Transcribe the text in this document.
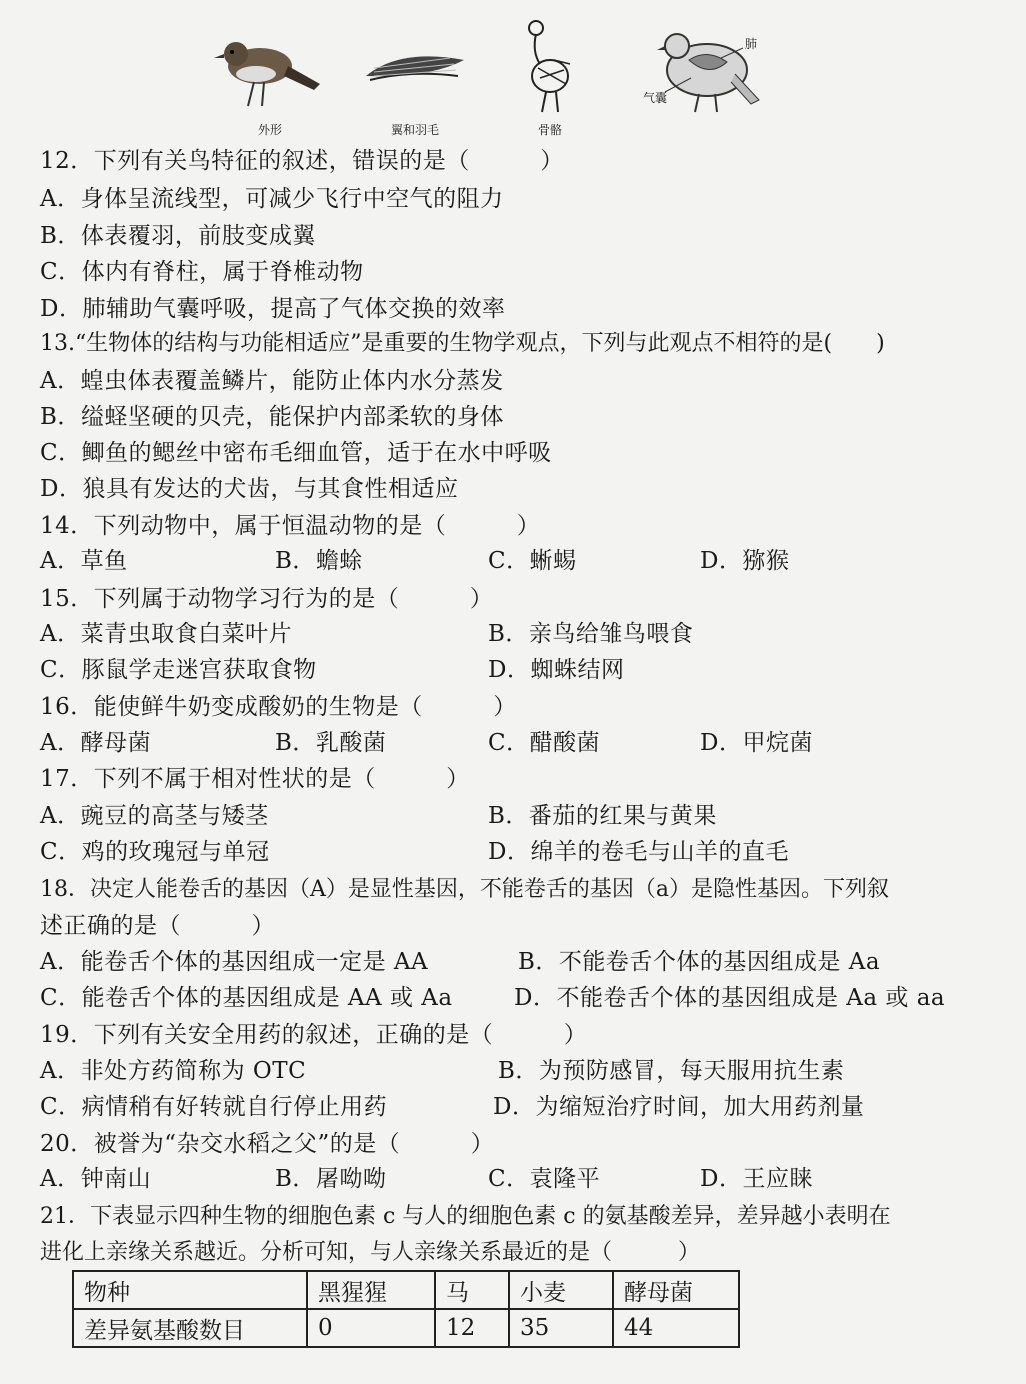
外形	翼和羽毛	骨骼
肺
气囊
12．下列有关鸟特征的叙述，错误的是（　　　）
A．身体呈流线型，可减少飞行中空气的阻力
B．体表覆羽，前肢变成翼
C．体内有脊柱，属于脊椎动物
D．肺辅助气囊呼吸，提高了气体交换的效率
13.“生物体的结构与功能相适应”是重要的生物学观点，下列与此观点不相符的是(　　)
A．蝗虫体表覆盖鳞片，能防止体内水分蒸发
B．缢蛏坚硬的贝壳，能保护内部柔软的身体
C．鲫鱼的鳃丝中密布毛细血管，适于在水中呼吸
D．狼具有发达的犬齿，与其食性相适应
14．下列动物中，属于恒温动物的是（　　　）
A．草鱼	B．蟾蜍	C．蜥蜴	D．猕猴
15．下列属于动物学习行为的是（　　　）
A．菜青虫取食白菜叶片	B．亲鸟给雏鸟喂食
C．豚鼠学走迷宫获取食物	D．蜘蛛结网
16．能使鲜牛奶变成酸奶的生物是（　　　）
A．酵母菌	B．乳酸菌	C．醋酸菌	D．甲烷菌
17．下列不属于相对性状的是（　　　）
A．豌豆的高茎与矮茎	B．番茄的红果与黄果
C．鸡的玫瑰冠与单冠	D．绵羊的卷毛与山羊的直毛
18．决定人能卷舌的基因（A）是显性基因，不能卷舌的基因（a）是隐性基因。下列叙
述正确的是（　　　）
A．能卷舌个体的基因组成一定是 AA	B．不能卷舌个体的基因组成是 Aa
C．能卷舌个体的基因组成是 AA 或 Aa	D．不能卷舌个体的基因组成是 Aa 或 aa
19．下列有关安全用药的叙述，正确的是（　　　）
A．非处方药简称为 OTC	B．为预防感冒，每天服用抗生素
C．病情稍有好转就自行停止用药	D．为缩短治疗时间，加大用药剂量
20．被誉为“杂交水稻之父”的是（　　　）
A．钟南山	B．屠呦呦	C．袁隆平	D．王应睐
21．下表显示四种生物的细胞色素 c 与人的细胞色素 c 的氨基酸差异，差异越小表明在
进化上亲缘关系越近。分析可知，与人亲缘关系最近的是（　　　）
物种	黑猩猩	马	小麦	酵母菌
差异氨基酸数目	0	12	35	44
